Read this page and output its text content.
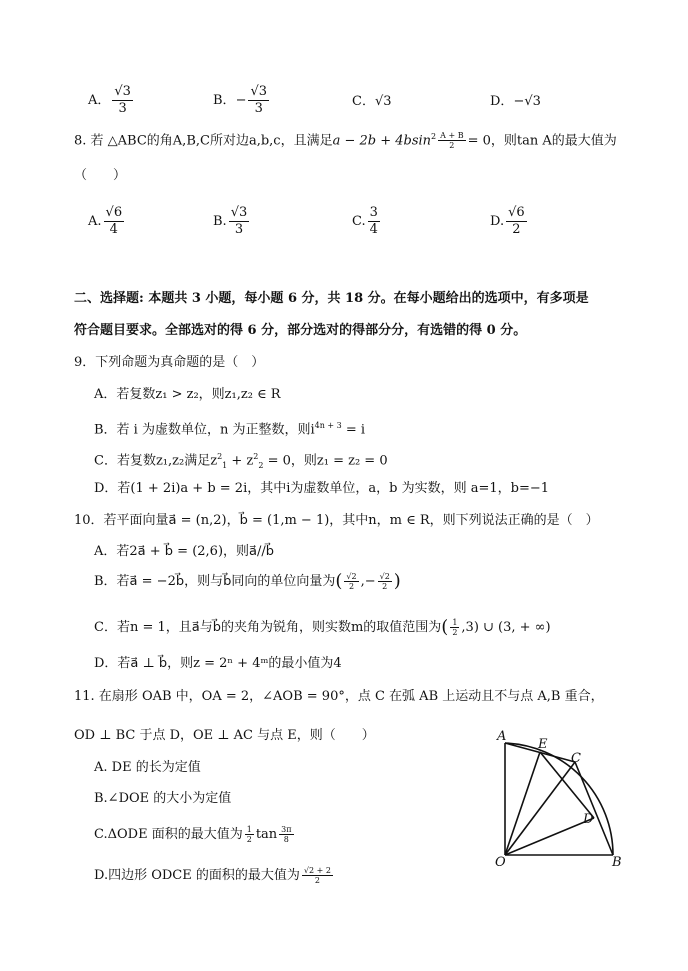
A． $\frac{√3}{3}$	B．− $\frac{√3}{3}$	C．√3	D．−√3
8. 若 △ABC的角A,B,C所对边a,b,c，且满足$a - 2b + 4bsin^2 \frac{A + B}{2} = 0$，则tan A的最大值为
（　　）
A. $\frac{√6}{4}$	B. $\frac{√3}{3}$	C. $\frac{3}{4}$	D. $\frac{√6}{2}$
二、选择题: 本题共 3 小题，每小题 6 分，共 18 分。在每小题给出的选项中，有多项是
符合题目要求。全部选对的得 6 分，部分选对的得部分分，有选错的得 0 分。
9．下列命题为真命题的是（　）
A．若复数z₁ > z₂，则z₁,z₂ ∈ R
B．若 i 为虚数单位，n 为正整数，则$i^{4n + 3} = i$
C．若复数z₁,z₂满足$z^2_1 + z^2_2 = 0$，则z₁ = z₂ = 0
D．若(1 + 2i)a + b = 2i，其中i为虚数单位，a，b 为实数，则 a=1，b=−1
10．若平面向量a⃗ = (n,2)，b⃗ = (1,m − 1)，其中n，m ∈ R，则下列说法正确的是（　）
A．若2a⃗ + b⃗ = (2,6)，则a⃗//b⃗
B．若a⃗ = −2b⃗，则与b⃗同向的单位向量为( $\frac{√2}{2}$ ,− $\frac{√2}{2}$ )
C．若n = 1，且a⃗与b⃗的夹角为锐角，则实数m的取值范围为( $\frac{1}{2} ,3$) ∪ (3, + ∞)
D．若a⃗ ⊥ b⃗，则z = 2ⁿ + 4ᵐ的最小值为4
11. 在扇形 OAB 中，OA = 2，∠AOB = 90°，点 C 在弧 AB 上运动且不与点 A,B 重合，
OD ⊥ BC 于点 D，OE ⊥ AC 与点 E，则（　　）
A. DE 的长为定值
B.∠DOE 的大小为定值
C.ΔODE 面积的最大值为 $\frac{1}{2}$ $\tan \frac{3\pi}{8}$
D.四边形 ODCE 的面积的最大值为 $\frac{√2 + 2}{2}$
A
E
C
D
O	B
